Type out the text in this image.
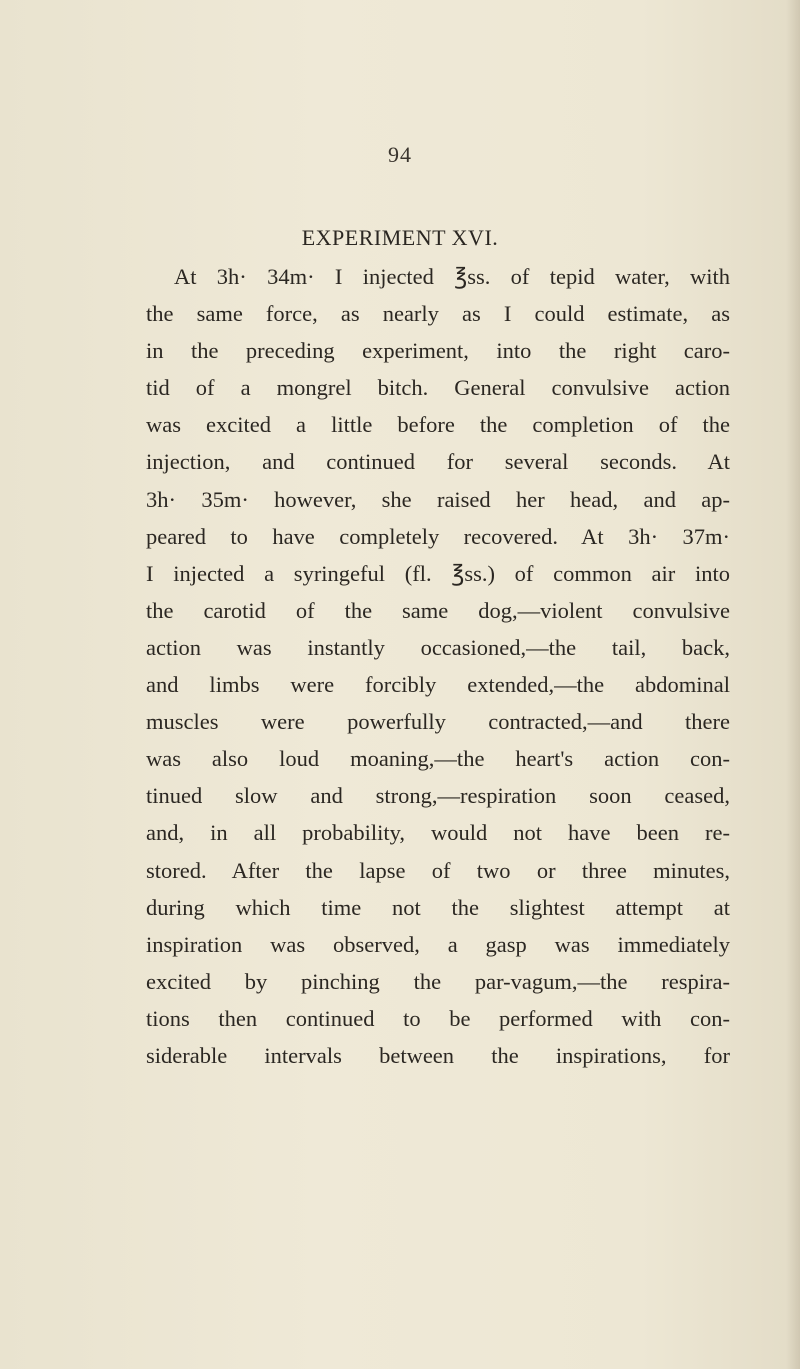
94
EXPERIMENT XVI.
At 3h· 34m· I injected ℥ss. of tepid water, with
the same force, as nearly as I could estimate, as
in the preceding experiment, into the right caro-
tid of a mongrel bitch. General convulsive action
was excited a little before the completion of the
injection, and continued for several seconds. At
3h· 35m· however, she raised her head, and ap-
peared to have completely recovered. At 3h· 37m·
I injected a syringeful (fl. ℥ss.) of common air into
the carotid of the same dog,—violent convulsive
action was instantly occasioned,—the tail, back,
and limbs were forcibly extended,—the abdominal
muscles were powerfully contracted,—and there
was also loud moaning,—the heart's action con-
tinued slow and strong,—respiration soon ceased,
and, in all probability, would not have been re-
stored. After the lapse of two or three minutes,
during which time not the slightest attempt at
inspiration was observed, a gasp was immediately
excited by pinching the par-vagum,—the respira-
tions then continued to be performed with con-
siderable intervals between the inspirations, for
